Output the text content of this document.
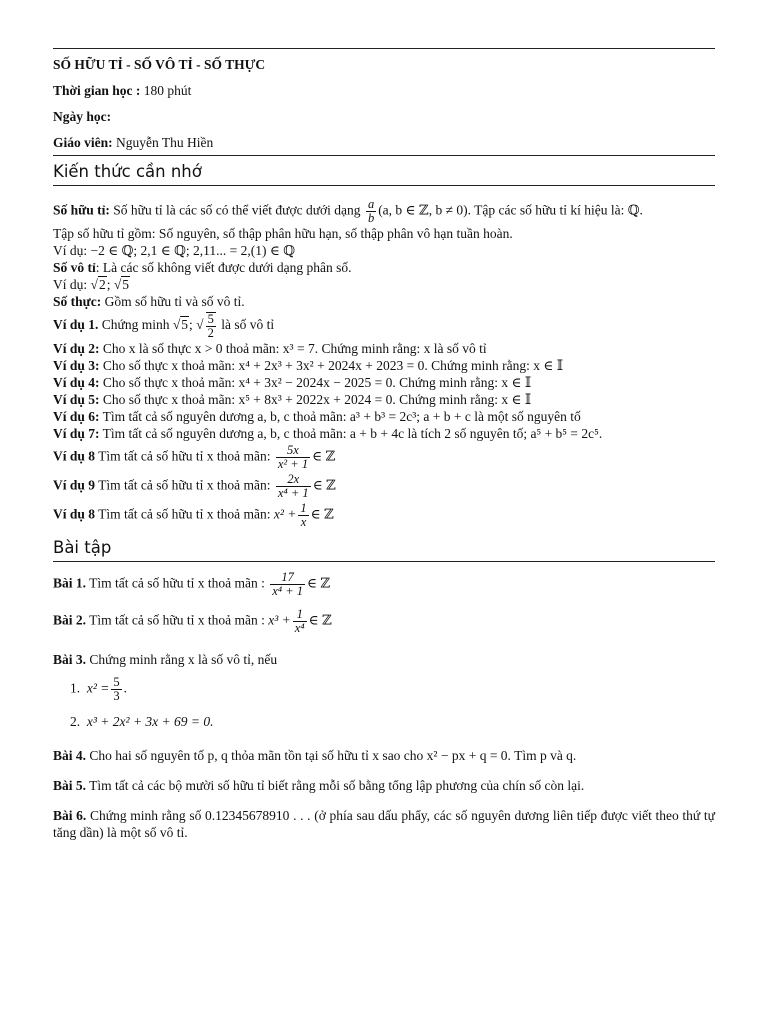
SỐ HỮU TỈ - SỐ VÔ TỈ - SỐ THỰC
Thời gian học : 180 phút
Ngày học:
Giáo viên: Nguyễn Thu Hiền
Kiến thức cần nhớ
Số hữu tỉ: Số hữu tỉ là các số có thể viết được dưới dạng $\frac{a}{b} (a$, b ∈ ℤ, b ≠ 0). Tập các số hữu tỉ kí hiệu là: ℚ.
Tập số hữu tỉ gồm: Số nguyên, số thập phân hữu hạn, số thập phân vô hạn tuần hoàn.
Ví dụ: −2 ∈ ℚ; 2,1 ∈ ℚ; 2,11... = 2,(1) ∈ ℚ
Số vô tỉ: Là các số không viết được dưới dạng phân số.
Ví dụ: √2; √5
Số thực: Gồm số hữu tỉ và số vô tỉ.
Ví dụ 1. Chứng minh √5; √ $\frac{5}{2}$ là số vô tỉ
Ví dụ 2: Cho x là số thực x > 0 thoả mãn: x³ = 7. Chứng minh rằng: x là số vô tỉ
Ví dụ 3: Cho số thực x thoả mãn: x⁴ + 2x³ + 3x² + 2024x + 2023 = 0. Chứng minh rằng: x ∈ 𝕀
Ví dụ 4: Cho số thực x thoả mãn: x⁴ + 3x² − 2024x − 2025 = 0. Chứng minh rằng: x ∈ 𝕀
Ví dụ 5: Cho số thực x thoả mãn: x⁵ + 8x³ + 2022x + 2024 = 0. Chứng minh rằng: x ∈ 𝕀
Ví dụ 6: Tìm tất cả số nguyên dương a, b, c thoả mãn: a³ + b³ = 2c³; a + b + c là một số nguyên tố
Ví dụ 7: Tìm tất cả số nguyên dương a, b, c thoả mãn: a + b + 4c là tích 2 số nguyên tố; a⁵ + b⁵ = 2c⁵.
Ví dụ 8 Tìm tất cả số hữu tỉ x thoả mãn: $\frac{5x}{\text{x² + 1}}$ ∈ ℤ
Ví dụ 9 Tìm tất cả số hữu tỉ x thoả mãn: $\frac{2x}{\text{x⁴ + 1}}$ ∈ ℤ
Ví dụ 8 Tìm tất cả số hữu tỉ x thoả mãn: $x^2 + \frac{1}{x}$ ∈ ℤ
Bài tập
Bài 1. Tìm tất cả số hữu tỉ x thoả mãn : $\frac{17}{\text{x⁴ + 1}}$ ∈ ℤ
Bài 2. Tìm tất cả số hữu tỉ x thoả mãn : $x^3 + \frac{1}{\text{x⁴}}$ ∈ ℤ
Bài 3. Chứng minh rằng x là số vô tỉ, nếu
1. $x^2 = \frac{5}{3}$ .
2. x³ + 2x² + 3x + 69 = 0.
Bài 4. Cho hai số nguyên tố p, q thỏa mãn tồn tại số hữu tỉ x sao cho x² − px + q = 0. Tìm p và q.
Bài 5. Tìm tất cả các bộ mười số hữu tỉ biết rằng mỗi số bằng tổng lập phương của chín số còn lại.
Bài 6. Chứng minh rằng số 0.12345678910 . . . (ở phía sau dấu phẩy, các số nguyên dương liên tiếp được viết theo thứ tự tăng dần) là một số vô tỉ.
